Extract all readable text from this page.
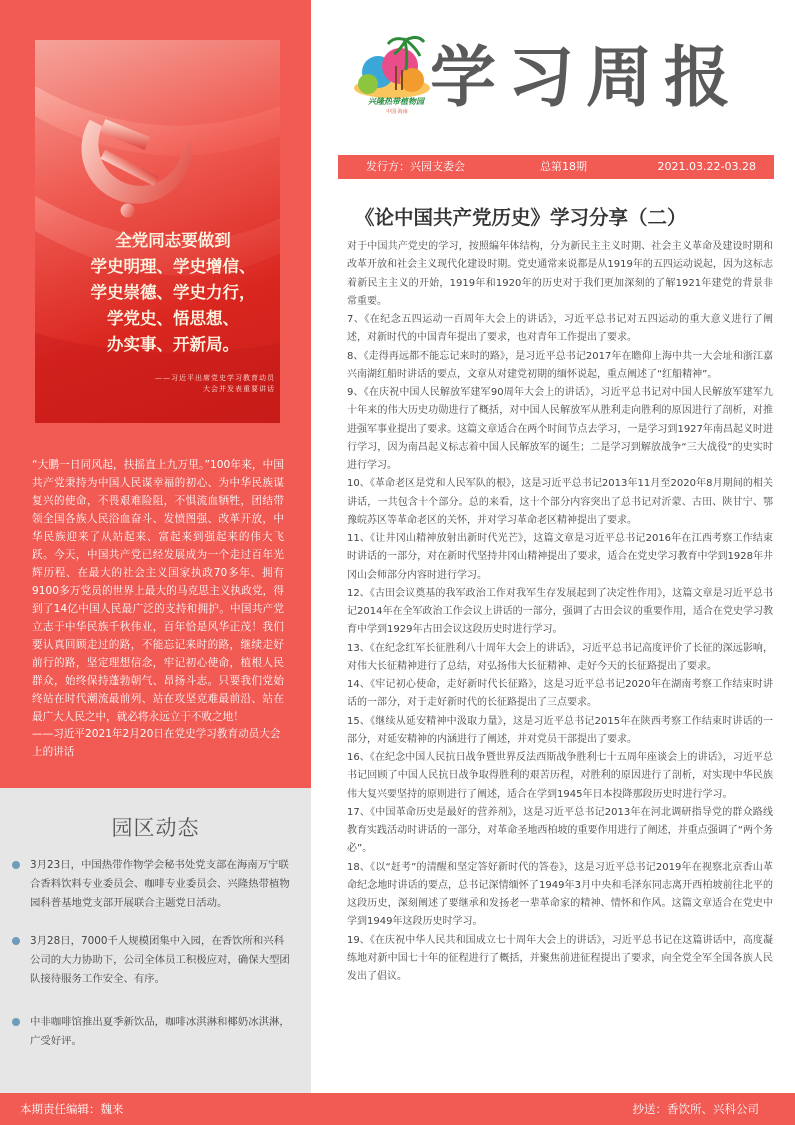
全党同志要做到
学史明理、学史增信、
学史崇德、学史力行，
学党史、悟思想、
办实事、开新局。
——习近平出席党史学习教育动员
大会并发表重要讲话
“大鹏一日同风起，扶摇直上九万里。”100年来，中国共产党秉持为中国人民谋幸福的初心、为中华民族谋复兴的使命，不畏艰难险阻，不惧流血牺牲，团结带领全国各族人民浴血奋斗、发愤图强、改革开放，中华民族迎来了从站起来、富起来到强起来的伟大飞跃。今天，中国共产党已经发展成为一个走过百年光辉历程、在最大的社会主义国家执政70多年、拥有9100多万党员的世界上最大的马克思主义执政党，得到了14亿中国人民最广泛的支持和拥护。中国共产党立志于中华民族千秋伟业，百年恰是风华正茂！我们要认真回顾走过的路，不能忘记来时的路，继续走好前行的路，坚定理想信念，牢记初心使命，植根人民群众，始终保持蓬勃朝气、昂扬斗志。只要我们党始终站在时代潮流最前列、站在攻坚克难最前沿、站在最广大人民之中，就必将永远立于不败之地！
——习近平2021年2月20日在党史学习教育动员大会上的讲话
园区动态
3月23日，中国热带作物学会秘书处党支部在海南万宁联合香料饮料专业委员会、咖啡专业委员会、兴隆热带植物园科普基地党支部开展联合主题党日活动。
3月28日，7000千人规模团集中入园，在香饮所和兴科公司的大力协助下，公司全体员工积极应对，确保大型团队接待服务工作安全、有序。
中非咖啡馆推出夏季新饮品，咖啡冰淇淋和椰奶冰淇淋，广受好评。
兴隆热带植物园
中国·海南 学习周报
发行方：兴园支委会	总第18期	2021.03.22-03.28
《论中国共产党历史》学习分享（二）

对于中国共产党史的学习，按照编年体结构，分为新民主主义时期、社会主义革命及建设时期和改革开放和社会主义现代化建设时期。党史通常来说都是从1919年的五四运动说起，因为这标志着新民主主义的开始，1919年和1920年的历史对于我们更加深刻的了解1921年建党的背景非常重要。

7、《在纪念五四运动一百周年大会上的讲话》，习近平总书记对五四运动的重大意义进行了阐述，对新时代的中国青年提出了要求，也对青年工作提出了要求。

8、《走得再远都不能忘记来时的路》，是习近平总书记2017年在瞻仰上海中共一大会址和浙江嘉兴南湖红船时讲话的要点，文章从对建党初期的缅怀说起，重点阐述了“红船精神”。

9、《在庆祝中国人民解放军建军90周年大会上的讲话》，习近平总书记对中国人民解放军建军九十年来的伟大历史功勋进行了概括，对中国人民解放军从胜利走向胜利的原因进行了剖析，对推进强军事业提出了要求。这篇文章适合在两个时间节点去学习，一是学习到1927年南昌起义时进行学习，因为南昌起义标志着中国人民解放军的诞生；二是学习到解放战争“三大战役”的史实时进行学习。

10、《革命老区是党和人民军队的根》，这是习近平总书记2013年11月至2020年8月期间的相关讲话，一共包含十个部分。总的来看，这十个部分内容突出了总书记对沂蒙、古田、陕甘宁、鄂豫皖苏区等革命老区的关怀，并对学习革命老区精神提出了要求。

11、《让井冈山精神放射出新时代光芒》，这篇文章是习近平总书记2016年在江西考察工作结束时讲话的一部分，对在新时代坚持井冈山精神提出了要求，适合在党史学习教育中学到1928年井冈山会师部分内容时进行学习。

12、《古田会议奠基的我军政治工作对我军生存发展起到了决定性作用》，这篇文章是习近平总书记2014年在全军政治工作会议上讲话的一部分，强调了古田会议的重要作用，适合在党史学习教育中学到1929年古田会议这段历史时进行学习。

13、《在纪念红军长征胜利八十周年大会上的讲话》，习近平总书记高度评价了长征的深远影响，对伟大长征精神进行了总结，对弘扬伟大长征精神、走好今天的长征路提出了要求。

14、《牢记初心使命，走好新时代长征路》，这是习近平总书记2020年在湖南考察工作结束时讲话的一部分，对于走好新时代的长征路提出了三点要求。

15、《继续从延安精神中汲取力量》，这是习近平总书记2015年在陕西考察工作结束时讲话的一部分，对延安精神的内涵进行了阐述，并对党员干部提出了要求。

16、《在纪念中国人民抗日战争暨世界反法西斯战争胜利七十五周年座谈会上的讲话》，习近平总书记回顾了中国人民抗日战争取得胜利的艰苦历程，对胜利的原因进行了剖析，对实现中华民族伟大复兴要坚持的原则进行了阐述，适合在学到1945年日本投降那段历史时进行学习。

17、《中国革命历史是最好的营养剂》，这是习近平总书记2013年在河北调研指导党的群众路线教育实践活动时讲话的一部分，对革命圣地西柏坡的重要作用进行了阐述，并重点强调了“两个务必”。

18、《以“赶考”的清醒和坚定答好新时代的答卷》，这是习近平总书记2019年在视察北京香山革命纪念地时讲话的要点，总书记深情缅怀了1949年3月中央和毛泽东同志离开西柏坡前往北平的这段历史，深刻阐述了要继承和发扬老一辈革命家的精神、情怀和作风。这篇文章适合在党史中学到1949年这段历史时学习。

19、《在庆祝中华人民共和国成立七十周年大会上的讲话》，习近平总书记在这篇讲话中，高度凝练地对新中国七十年的征程进行了概括，并聚焦前进征程提出了要求，向全党全军全国各族人民发出了倡议。

本期责任编辑：魏来	抄送：香饮所、兴科公司
